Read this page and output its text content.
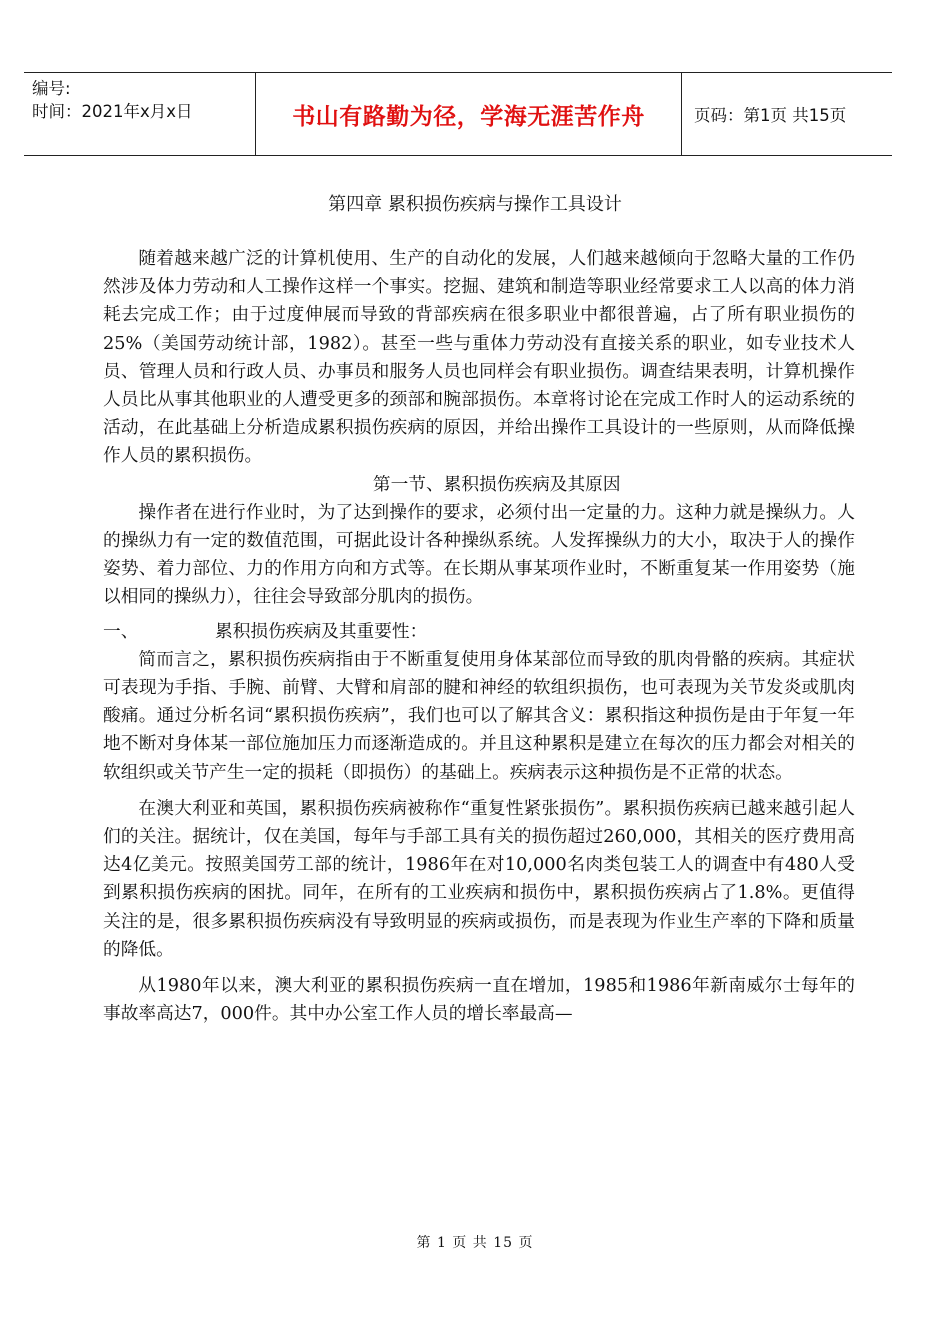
编号:
时间：2021年x月x日	书山有路勤为径，学海无涯苦作舟	页码：第1页 共15页
第四章 累积损伤疾病与操作工具设计

随着越来越广泛的计算机使用、生产的自动化的发展，人们越来越倾向于忽略大量的工作仍然涉及体力劳动和人工操作这样一个事实。挖掘、建筑和制造等职业经常要求工人以高的体力消耗去完成工作；由于过度伸展而导致的背部疾病在很多职业中都很普遍，占了所有职业损伤的25%（美国劳动统计部，1982）。甚至一些与重体力劳动没有直接关系的职业，如专业技术人员、管理人员和行政人员、办事员和服务人员也同样会有职业损伤。调查结果表明，计算机操作人员比从事其他职业的人遭受更多的颈部和腕部损伤。本章将讨论在完成工作时人的运动系统的活动，在此基础上分析造成累积损伤疾病的原因，并给出操作工具设计的一些原则，从而降低操作人员的累积损伤。

第一节、累积损伤疾病及其原因

操作者在进行作业时，为了达到操作的要求，必须付出一定量的力。这种力就是操纵力。人的操纵力有一定的数值范围，可据此设计各种操纵系统。人发挥操纵力的大小，取决于人的操作姿势、着力部位、力的作用方向和方式等。在长期从事某项作业时，不断重复某一作用姿势（施以相同的操纵力），往往会导致部分肌肉的损伤。

一、	累积损伤疾病及其重要性：

简而言之，累积损伤疾病指由于不断重复使用身体某部位而导致的肌肉骨骼的疾病。其症状可表现为手指、手腕、前臂、大臂和肩部的腱和神经的软组织损伤，也可表现为关节发炎或肌肉酸痛。通过分析名词“累积损伤疾病”，我们也可以了解其含义：累积指这种损伤是由于年复一年地不断对身体某一部位施加压力而逐渐造成的。并且这种累积是建立在每次的压力都会对相关的软组织或关节产生一定的损耗（即损伤）的基础上。疾病表示这种损伤是不正常的状态。

在澳大利亚和英国，累积损伤疾病被称作“重复性紧张损伤”。累积损伤疾病已越来越引起人们的关注。据统计，仅在美国，每年与手部工具有关的损伤超过260,000，其相关的医疗费用高达4亿美元。按照美国劳工部的统计，1986年在对10,000名肉类包装工人的调查中有480人受到累积损伤疾病的困扰。同年，在所有的工业疾病和损伤中，累积损伤疾病占了1.8%。更值得关注的是，很多累积损伤疾病没有导致明显的疾病或损伤，而是表现为作业生产率的下降和质量的降低。

从1980年以来，澳大利亚的累积损伤疾病一直在增加，1985和1986年新南威尔士每年的事故率高达7，000件。其中办公室工作人员的增长率最高—

第 1 页 共 15 页
